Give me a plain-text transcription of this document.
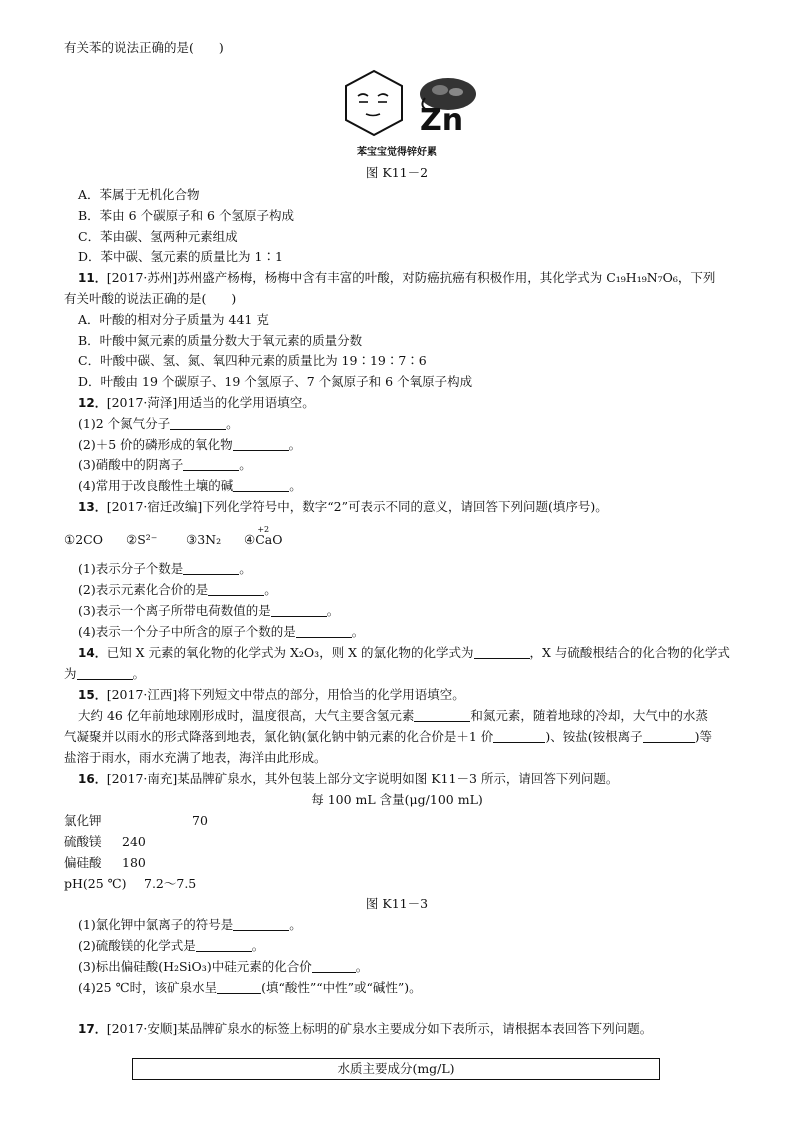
有关苯的说法正确的是(　　)
Zn
苯宝宝觉得锌好累
图 K11－2
A．苯属于无机化合物
B．苯由 6 个碳原子和 6 个氢原子构成
C．苯由碳、氢两种元素组成
D．苯中碳、氢元素的质量比为 1∶1
11．[2017·苏州]苏州盛产杨梅，杨梅中含有丰富的叶酸，对防癌抗癌有积极作用，其化学式为 C₁₉H₁₉N₇O₆，下列
有关叶酸的说法正确的是(　　)
A．叶酸的相对分子质量为 441 克
B．叶酸中氮元素的质量分数大于氧元素的质量分数
C．叶酸中碳、氢、氮、氧四种元素的质量比为 19∶19∶7∶6
D．叶酸由 19 个碳原子、19 个氢原子、7 个氮原子和 6 个氧原子构成
12．[2017·菏泽]用适当的化学用语填空。
(1)2 个氮气分子	。
(2)＋5 价的磷形成的氧化物	。
(3)硝酸中的阴离子	。
(4)常用于改良酸性土壤的碱	。
13．[2017·宿迁改编]下列化学符号中，数字“2”可表示不同的意义，请回答下列问题(填序号)。
①2CO ②S²⁻ ③3N₂
+2
④CaO
(1)表示分子个数是	。
(2)表示元素化合价的是	。
(3)表示一个离子所带电荷数值的是	。
(4)表示一个分子中所含的原子个数的是	。
14．已知 X 元素的氧化物的化学式为 X₂O₃，则 X 的氯化物的化学式为	，X 与硫酸根结合的化合物的化学式
为	。
15．[2017·江西]将下列短文中带点的部分，用恰当的化学用语填空。
大约 46 亿年前地球刚形成时，温度很高，大气主要含氢元素	和氮元素，随着地球的冷却，大气中的水蒸
气凝聚并以雨水的形式降落到地表，氯化钠(氯化钠中钠元素的化合价是＋1 价	)、铵盐(铵根离子	)等
盐溶于雨水，雨水充满了地表，海洋由此形成。
16．[2017·南充]某品牌矿泉水，其外包装上部分文字说明如图 K11－3 所示，请回答下列问题。
每 100 mL 含量(μg/100 mL)
氯化钾	70
硫酸镁 240
偏硅酸 180
pH(25 ℃) 7.2～7.5
图 K11－3
(1)氯化钾中氯离子的符号是	。
(2)硫酸镁的化学式是	。
(3)标出偏硅酸(H₂SiO₃)中硅元素的化合价	。
(4)25 ℃时，该矿泉水呈	(填“酸性”“中性”或“碱性”)。
17．[2017·安顺]某品牌矿泉水的标签上标明的矿泉水主要成分如下表所示，请根据本表回答下列问题。
水质主要成分(mg/L)
